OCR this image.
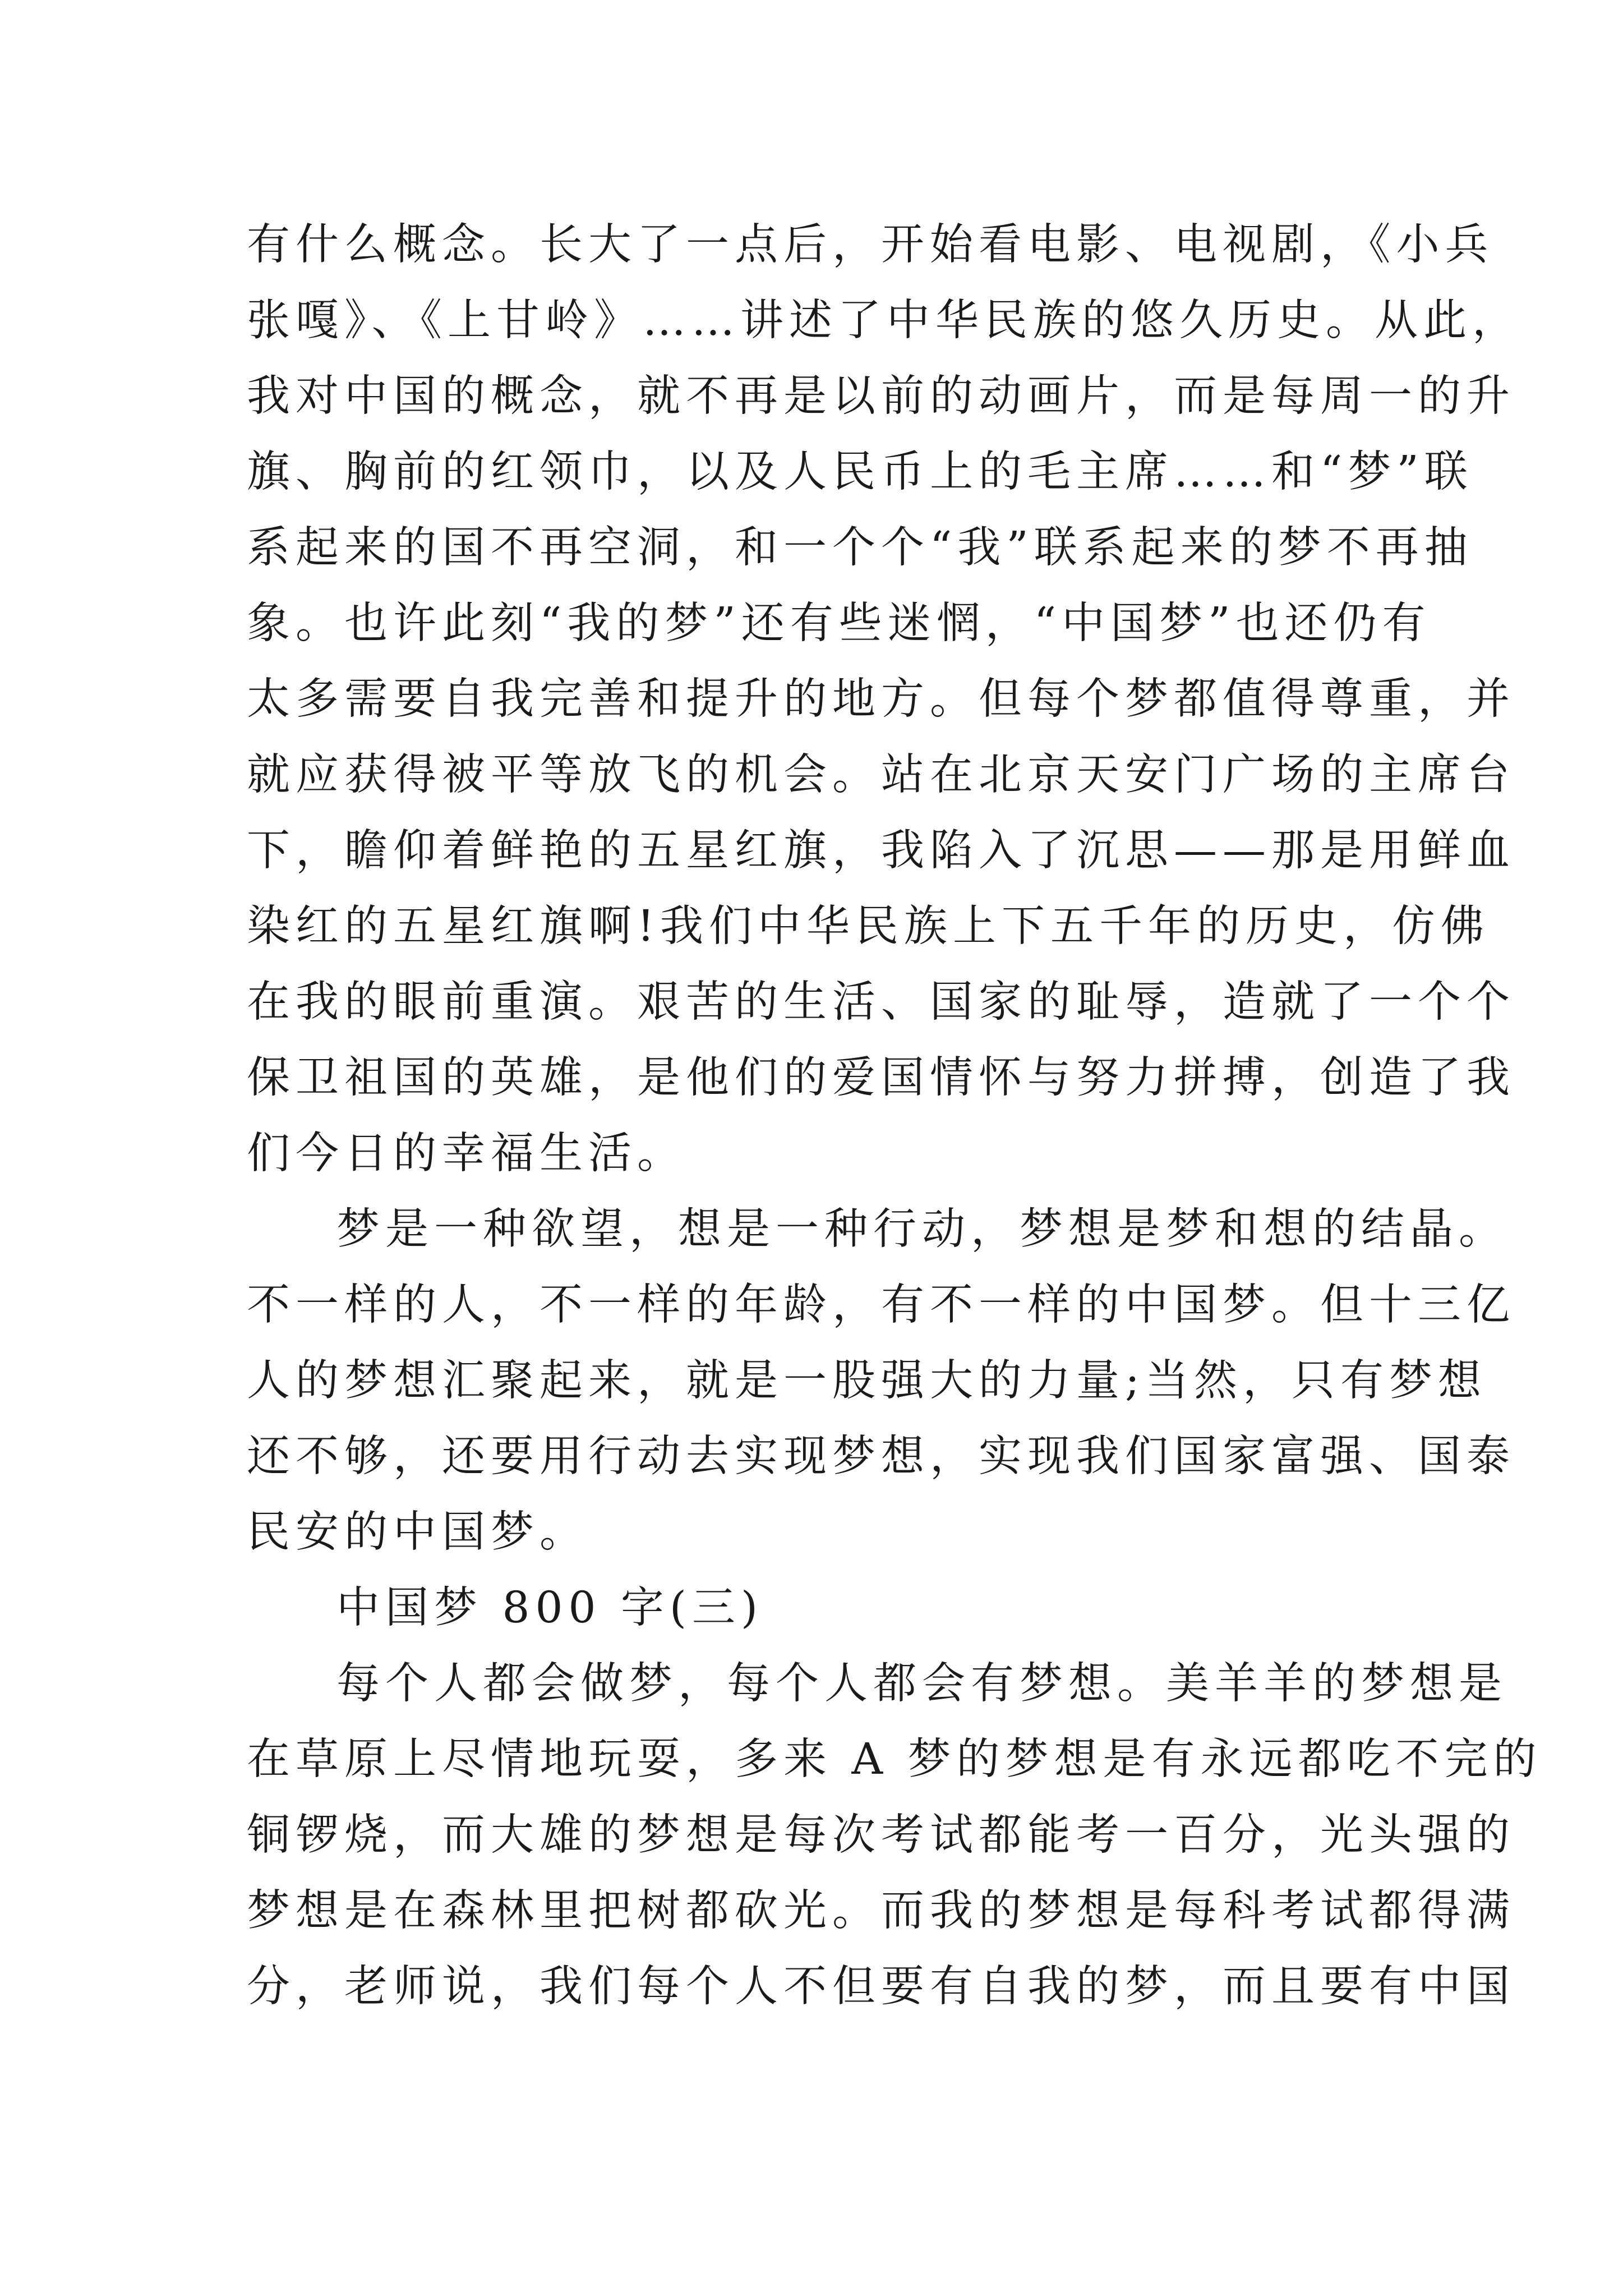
有什么概念。长大了一点后，开始看电影、电视剧，《小兵
张嘎》、《上甘岭》……讲述了中华民族的悠久历史。从此，
我对中国的概念，就不再是以前的动画片，而是每周一的升
旗、胸前的红领巾，以及人民币上的毛主席……和“梦”联
系起来的国不再空洞，和一个个“我”联系起来的梦不再抽
象。也许此刻“我的梦”还有些迷惘，“中国梦”也还仍有
太多需要自我完善和提升的地方。但每个梦都值得尊重，并
就应获得被平等放飞的机会。站在北京天安门广场的主席台
下，瞻仰着鲜艳的五星红旗，我陷入了沉思——那是用鲜血
染红的五星红旗啊!我们中华民族上下五千年的历史，仿佛
在我的眼前重演。艰苦的生活、国家的耻辱，造就了一个个
保卫祖国的英雄，是他们的爱国情怀与努力拼搏，创造了我
们今日的幸福生活。
梦是一种欲望，想是一种行动，梦想是梦和想的结晶。
不一样的人，不一样的年龄，有不一样的中国梦。但十三亿
人的梦想汇聚起来，就是一股强大的力量;当然，只有梦想
还不够，还要用行动去实现梦想，实现我们国家富强、国泰
民安的中国梦。
中国梦 800 字(三)
每个人都会做梦，每个人都会有梦想。美羊羊的梦想是
在草原上尽情地玩耍，多来 A 梦的梦想是有永远都吃不完的
铜锣烧，而大雄的梦想是每次考试都能考一百分，光头强的
梦想是在森林里把树都砍光。而我的梦想是每科考试都得满
分，老师说，我们每个人不但要有自我的梦，而且要有中国
